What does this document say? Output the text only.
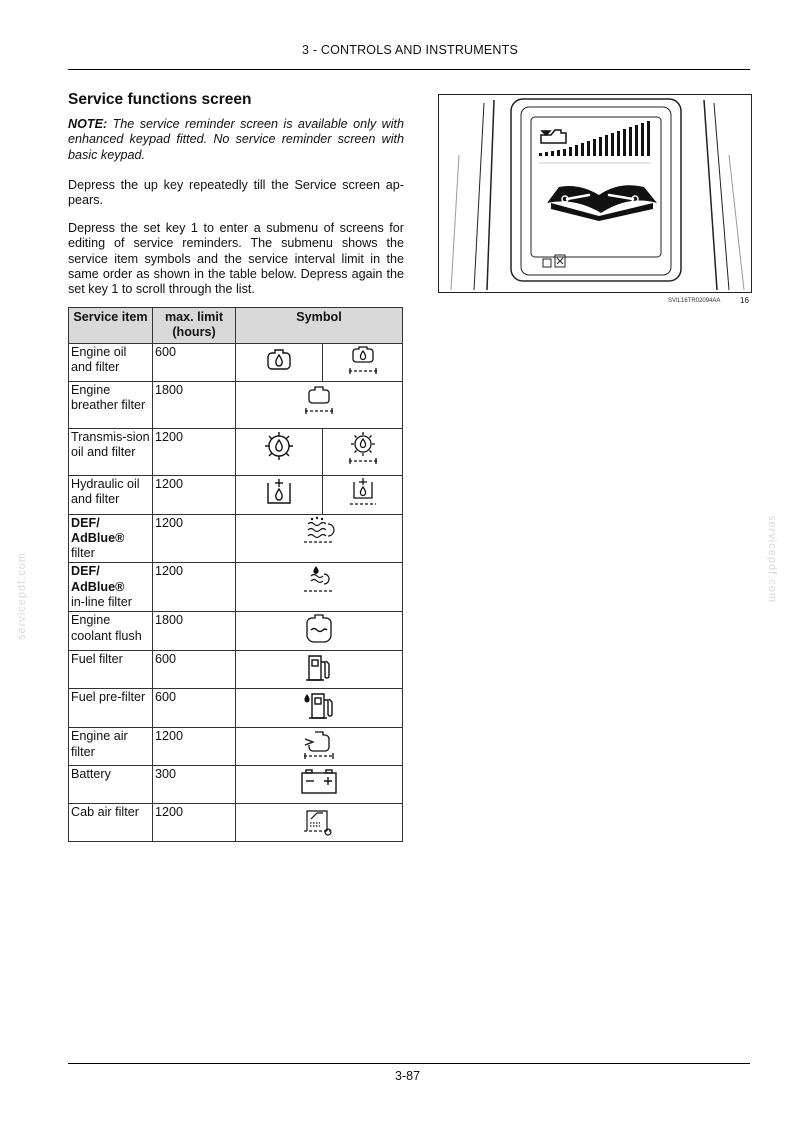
3 - CONTROLS AND INSTRUMENTS
Service functions screen
NOTE: The service reminder screen is available only with enhanced keypad fitted. No service reminder screen with basic keypad.
Depress the up key repeatedly till the Service screen ap-pears.
Depress the set key 1 to enter a submenu of screens for editing of service reminders. The submenu shows the service item symbols and the service interval limit in the same order as shown in the table below. Depress again the set key 1 to scroll through the list.
SVIL16TR02094AA 16
Service item	max. limit (hours)	Symbol	
Engine oil and filter	600		
Engine breather filter	1800	
Transmis-sion oil and filter	1200		
Hydraulic oil and filter	1200		
DEF/ AdBlue®
filter	1200	
DEF/ AdBlue®
in-line filter	1200	
Engine coolant flush	1800	
Fuel filter	600	
Fuel pre-filter	600	
Engine air filter	1200	
Battery	300	
Cab air filter	1200	
servicepdf.com	servicepdf.com
3-87
